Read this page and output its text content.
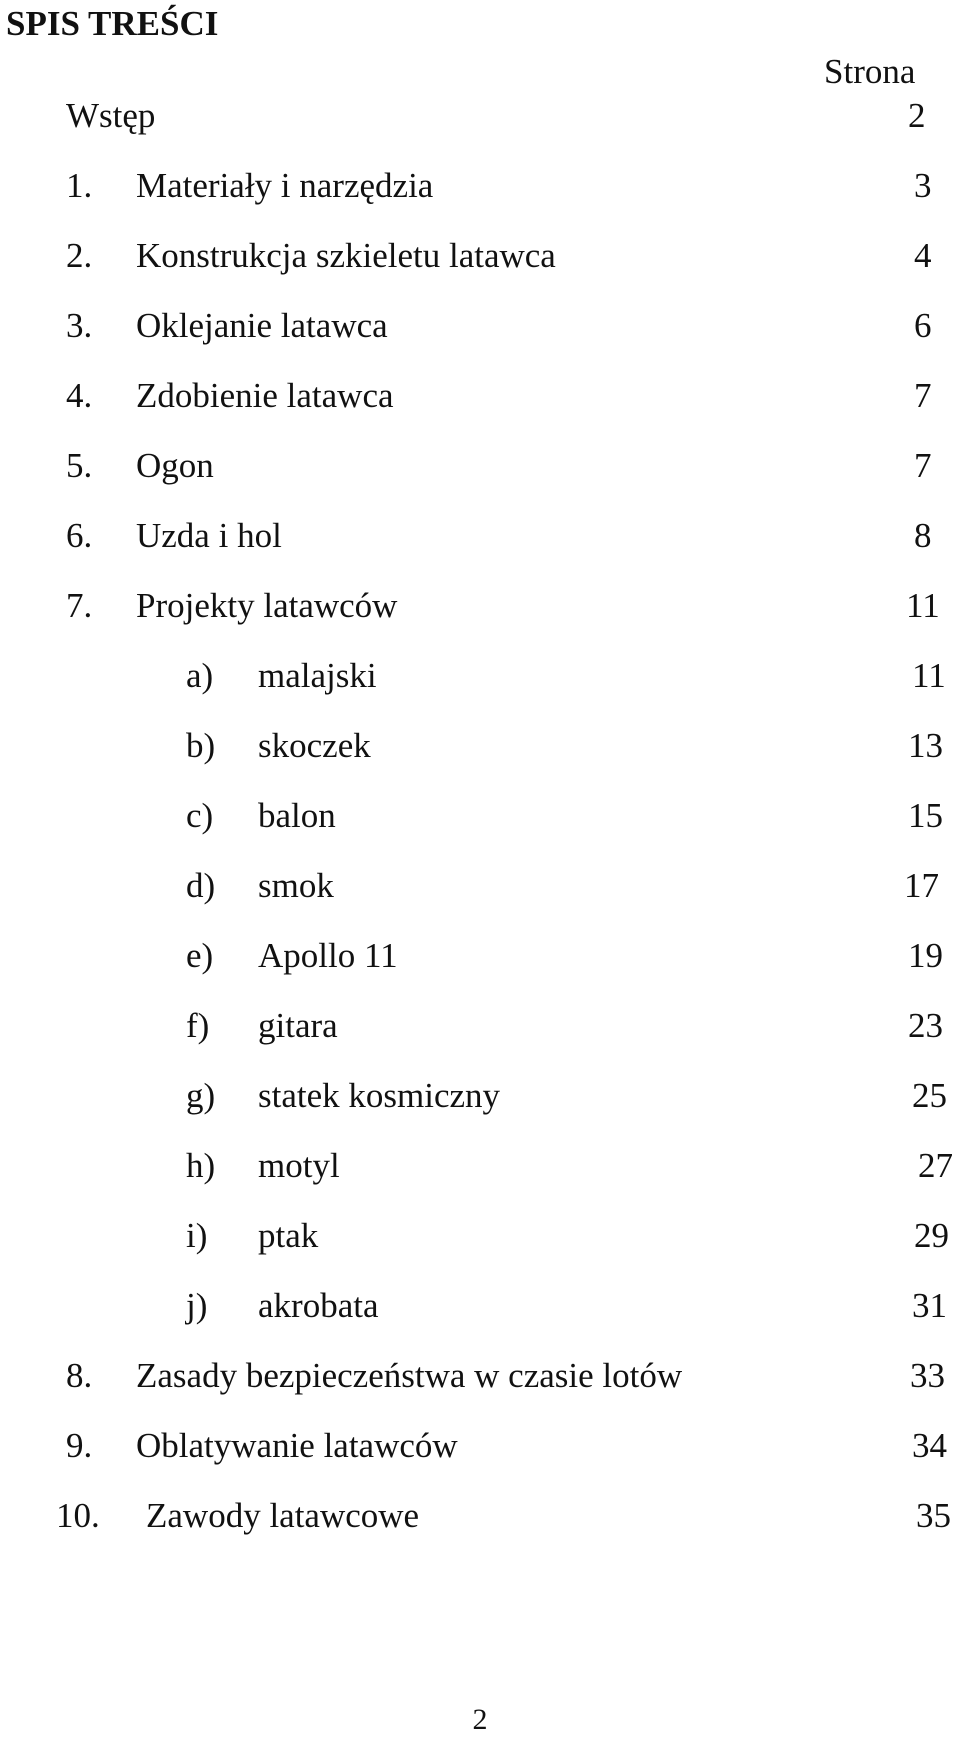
SPIS TREŚCI
Strona
Wstęp	2
1. Materiały i narzędzia	3
2. Konstrukcja szkieletu latawca	4
3. Oklejanie latawca	6
4. Zdobienie latawca	7
5. Ogon	7
6. Uzda i hol	8
7. Projekty latawców	11
a) malajski	11
b) skoczek	13
c) balon	15
d) smok	17
e) Apollo 11	19
f) gitara	23
g) statek kosmiczny	25
h) motyl	27
i) ptak	29
j) akrobata	31
8. Zasady bezpieczeństwa w czasie lotów	33
9. Oblatywanie latawców	34
10. Zawody latawcowe	35
2
